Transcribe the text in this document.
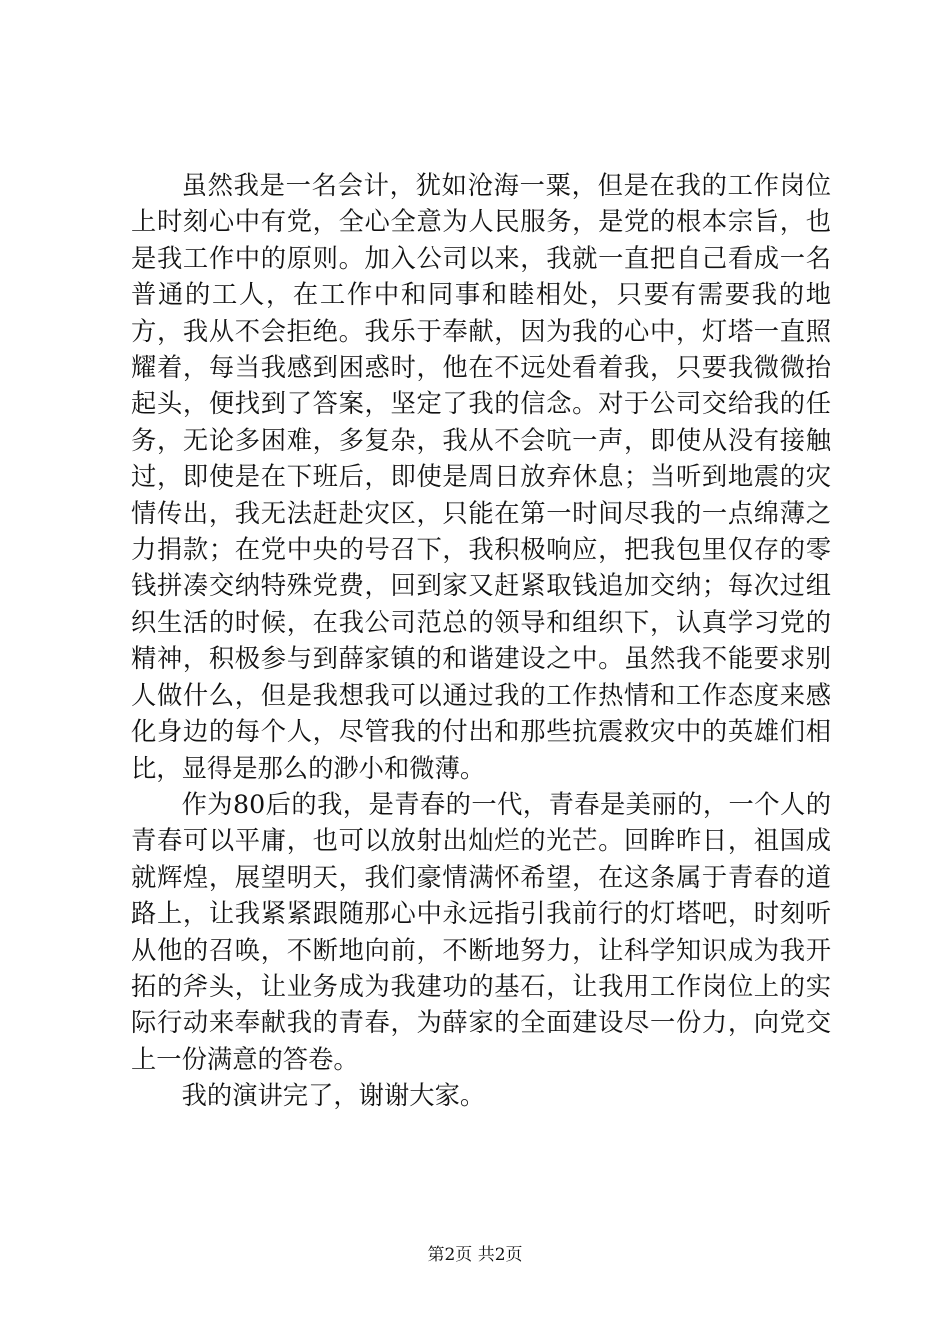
虽然我是一名会计，犹如沧海一粟，但是在我的工作岗位上时刻心中有党，全心全意为人民服务，是党的根本宗旨，也是我工作中的原则。加入公司以来，我就一直把自己看成一名普通的工人，在工作中和同事和睦相处，只要有需要我的地方，我从不会拒绝。我乐于奉献，因为我的心中，灯塔一直照耀着，每当我感到困惑时，他在不远处看着我，只要我微微抬起头，便找到了答案，坚定了我的信念。对于公司交给我的任务，无论多困难，多复杂，我从不会吭一声，即使从没有接触过，即使是在下班后，即使是周日放弃休息；当听到地震的灾情传出，我无法赶赴灾区，只能在第一时间尽我的一点绵薄之力捐款；在党中央的号召下，我积极响应，把我包里仅存的零钱拼凑交纳特殊党费，回到家又赶紧取钱追加交纳；每次过组织生活的时候，在我公司范总的领导和组织下，认真学习党的精神，积极参与到薛家镇的和谐建设之中。虽然我不能要求别人做什么，但是我想我可以通过我的工作热情和工作态度来感化身边的每个人，尽管我的付出和那些抗震救灾中的英雄们相比，显得是那么的渺小和微薄。

作为80后的我，是青春的一代，青春是美丽的，一个人的青春可以平庸，也可以放射出灿烂的光芒。回眸昨日，祖国成就辉煌，展望明天，我们豪情满怀希望，在这条属于青春的道路上，让我紧紧跟随那心中永远指引我前行的灯塔吧，时刻听从他的召唤，不断地向前，不断地努力，让科学知识成为我开拓的斧头，让业务成为我建功的基石，让我用工作岗位上的实际行动来奉献我的青春，为薛家的全面建设尽一份力，向党交上一份满意的答卷。

我的演讲完了，谢谢大家。

第2页 共2页
